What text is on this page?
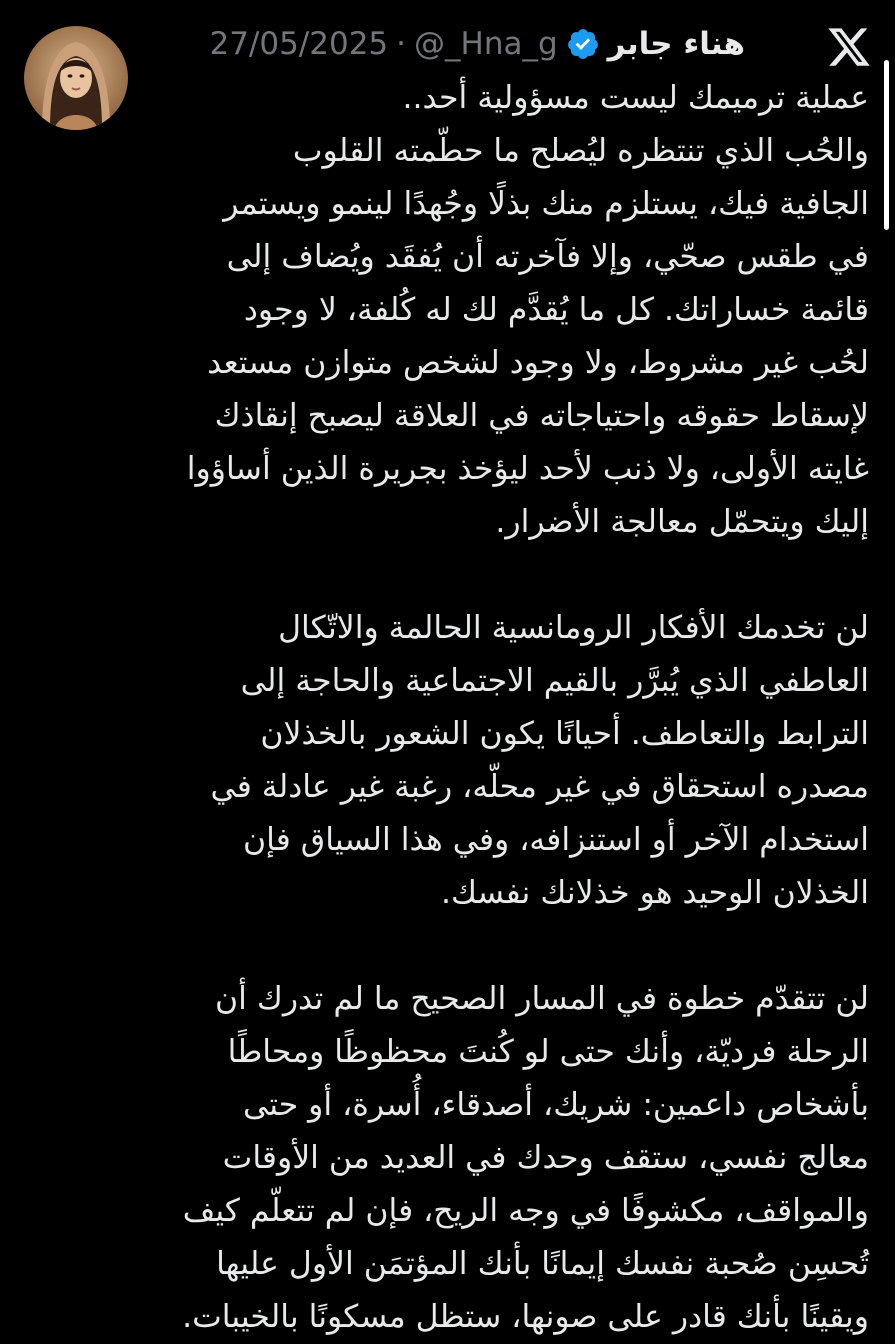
27/05/2025 · @_Hna_g هناء جابر
عملية ترميمك ليست مسؤولية أحد..
والحُب الذي تنتظره ليُصلح ما حطّمته القلوب
الجافية فيك، يستلزم منك بذلًا وجُهدًا لينمو ويستمر
في طقس صحّي، وإلا فآخرته أن يُفقَد ويُضاف إلى
قائمة خساراتك. كل ما يُقدَّم لك له كُلفة، لا وجود
لحُب غير مشروط، ولا وجود لشخص متوازن مستعد
لإسقاط حقوقه واحتياجاته في العلاقة ليصبح إنقاذك
غايته الأولى، ولا ذنب لأحد ليؤخذ بجريرة الذين أساؤوا
إليك ويتحمّل معالجة الأضرار.
لن تخدمك الأفكار الرومانسية الحالمة والاتّكال
العاطفي الذي يُبرَّر بالقيم الاجتماعية والحاجة إلى
الترابط والتعاطف. أحيانًا يكون الشعور بالخذلان
مصدره استحقاق في غير محلّه، رغبة غير عادلة في
استخدام الآخر أو استنزافه، وفي هذا السياق فإن
الخذلان الوحيد هو خذلانك نفسك.
لن تتقدّم خطوة في المسار الصحيح ما لم تدرك أن
الرحلة فرديّة، وأنك حتى لو كُنتَ محظوظًا ومحاطًا
بأشخاص داعمين: شريك، أصدقاء، أُسرة، أو حتى
معالج نفسي، ستقف وحدك في العديد من الأوقات
والمواقف، مكشوفًا في وجه الريح، فإن لم تتعلّم كيف
تُحسِن صُحبة نفسك إيمانًا بأنك المؤتمَن الأول عليها
ويقينًا بأنك قادر على صونها، ستظل مسكونًا بالخيبات.
